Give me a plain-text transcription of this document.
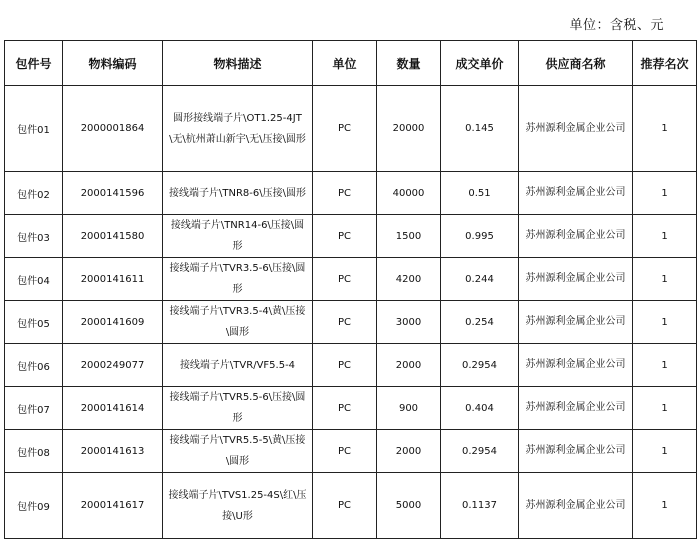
单位：含税、元
包件号	物料编码	物料描述	单位	数量	成交单价	供应商名称	推荐名次
包件01	2000001864	圆形接线端子片\OT1.25-4JT\无\杭州萧山新宇\无\压接\圆形	PC	20000	0.145	苏州源利金属企业公司	1
包件02	2000141596	接线端子片\TNR8-6\压接\圆形	PC	40000	0.51	苏州源利金属企业公司	1
包件03	2000141580	接线端子片\TNR14-6\压接\圆形	PC	1500	0.995	苏州源利金属企业公司	1
包件04	2000141611	接线端子片\TVR3.5-6\压接\圆形	PC	4200	0.244	苏州源利金属企业公司	1
包件05	2000141609	接线端子片\TVR3.5-4\黄\压接\圆形	PC	3000	0.254	苏州源利金属企业公司	1
包件06	2000249077	接线端子片\TVR/VF5.5-4	PC	2000	0.2954	苏州源利金属企业公司	1
包件07	2000141614	接线端子片\TVR5.5-6\压接\圆形	PC	900	0.404	苏州源利金属企业公司	1
包件08	2000141613	接线端子片\TVR5.5-5\黄\压接\圆形	PC	2000	0.2954	苏州源利金属企业公司	1
包件09	2000141617	接线端子片\TVS1.25-4S\红\压接\U形	PC	5000	0.1137	苏州源利金属企业公司	1
